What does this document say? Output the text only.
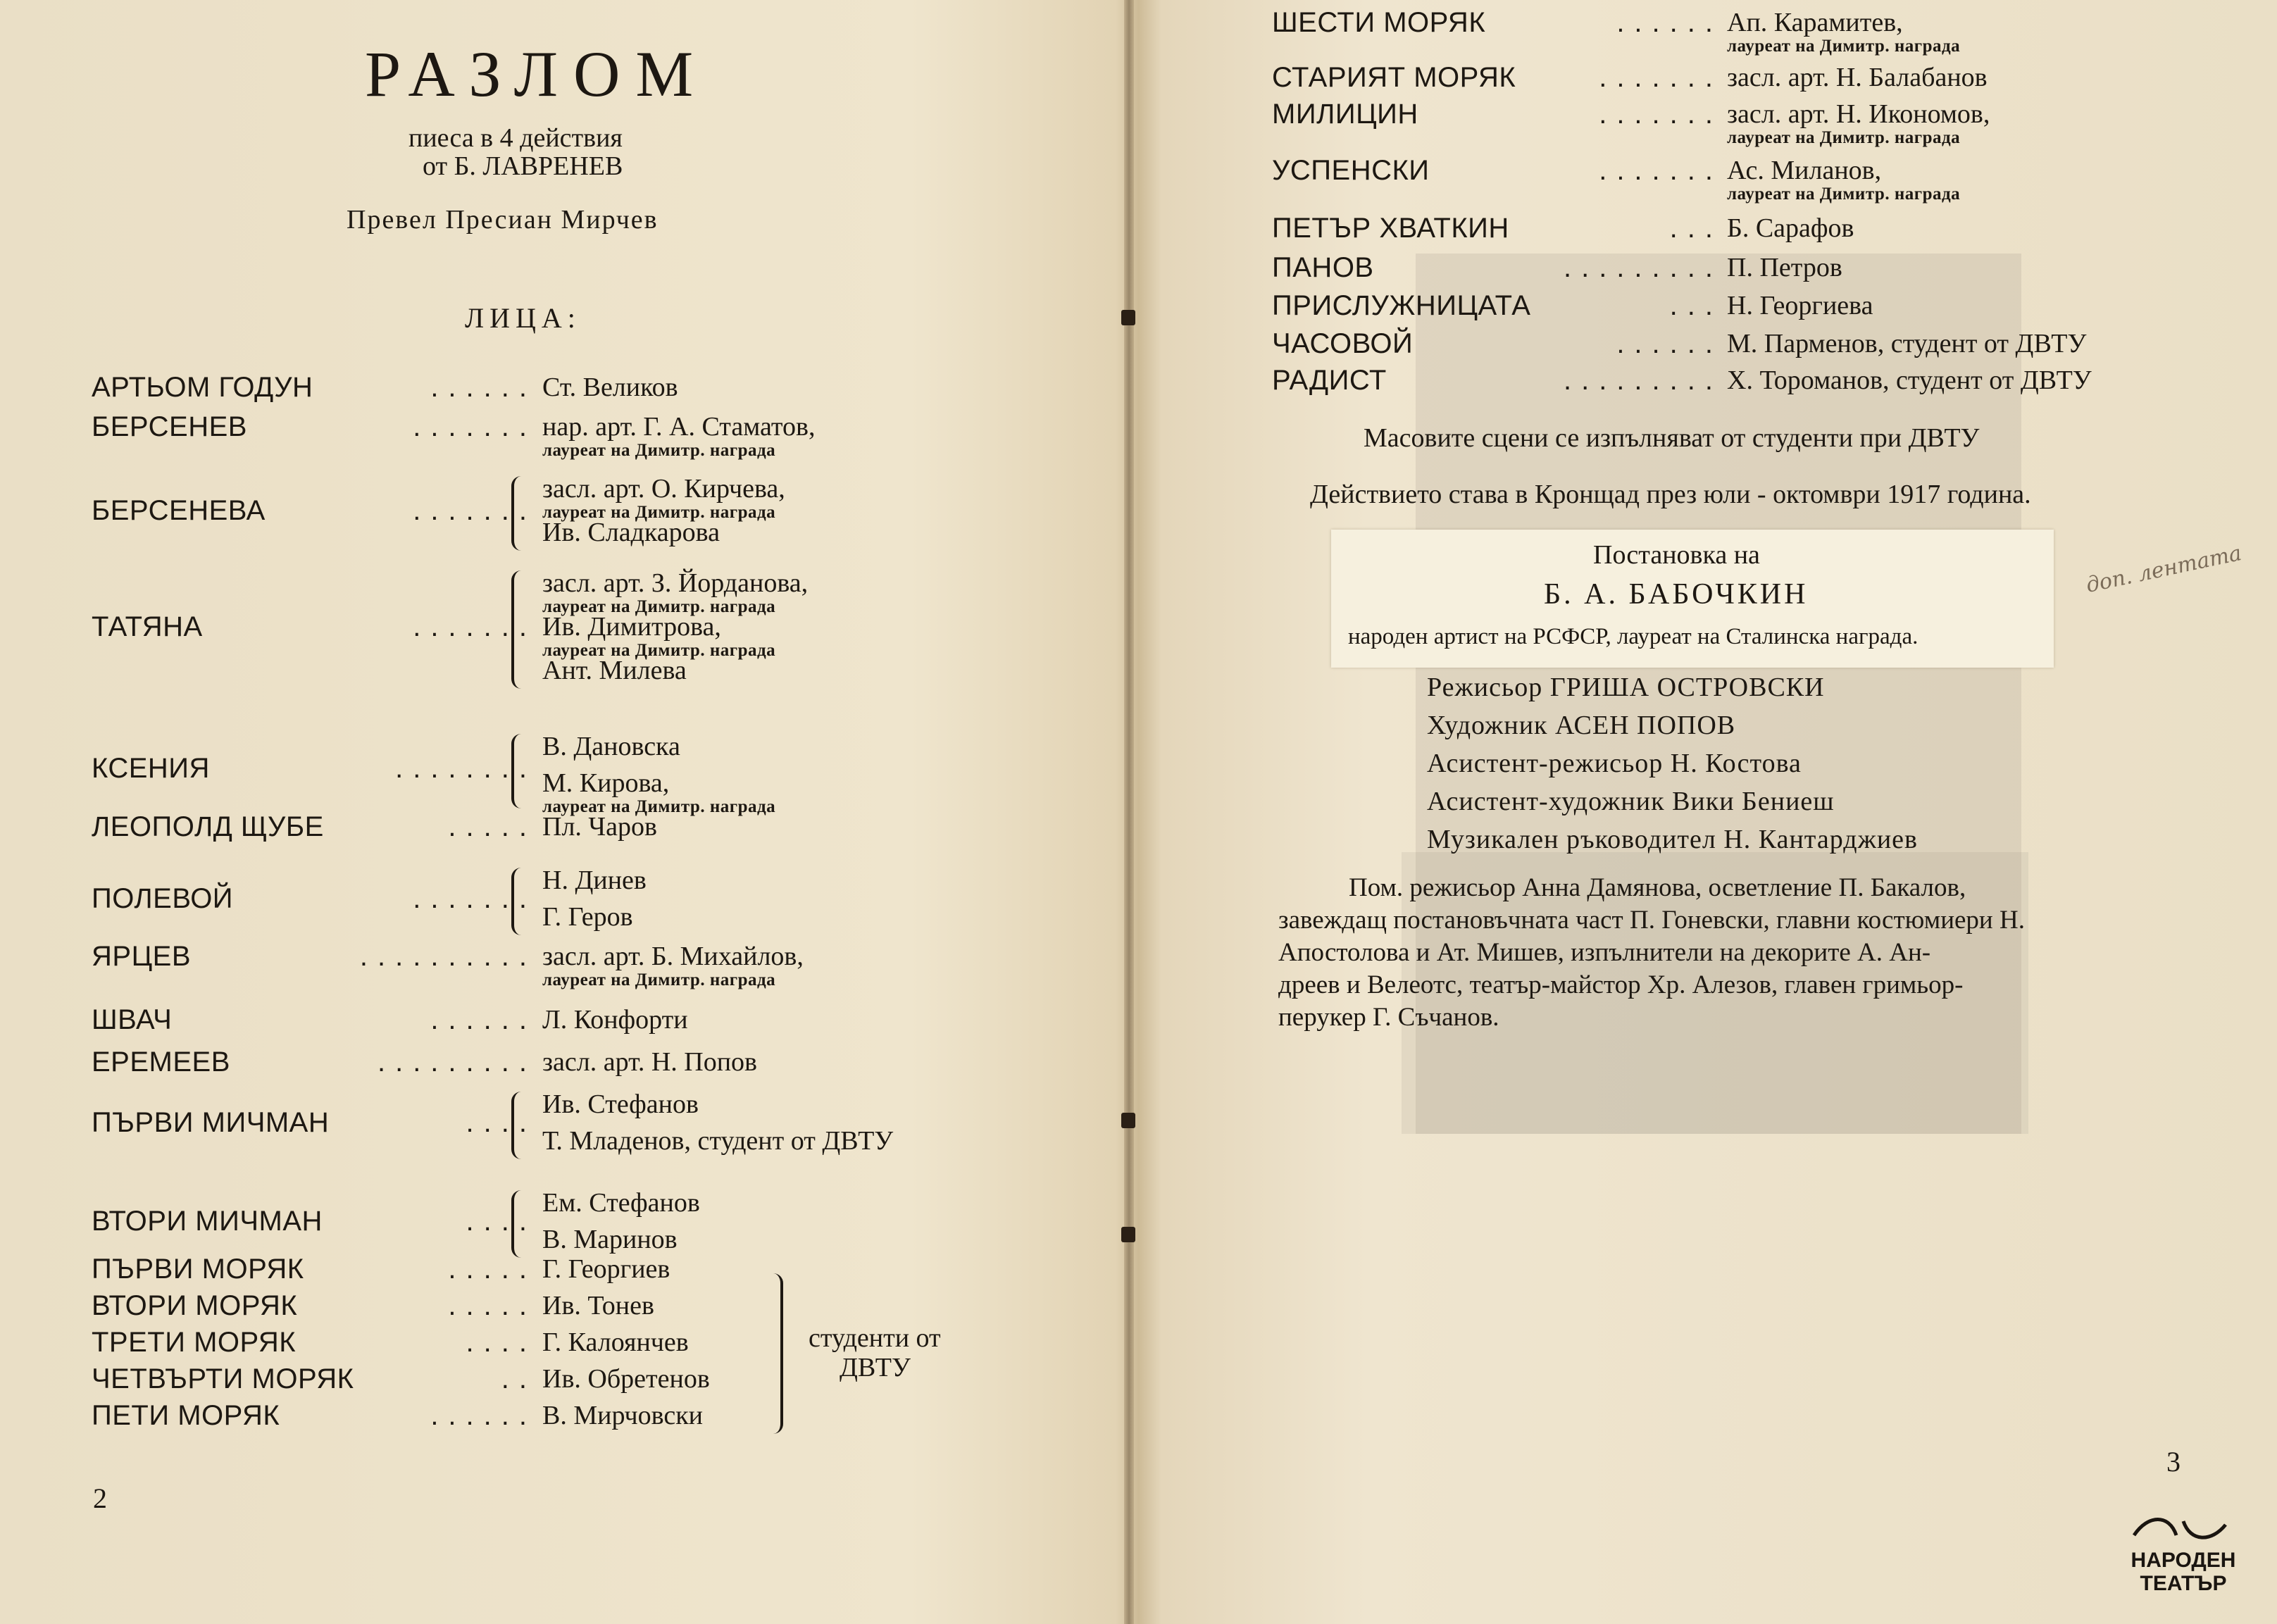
РАЗЛОМ
пиеса в 4 действия
от Б. ЛАВРЕНЕВ
Превел Пресиан Мирчев
ЛИЦА:
АРТЬОМ ГОДУН	...... Ст. Великов
БЕРСЕНЕВ	....... нар. арт. Г. А. Стаматов,
лауреат на Димитр. награда
БЕРСЕНЕВА	.......
засл. арт. О. Кирчева,
лауреат на Димитр. награда
Ив. Сладкарова
ТАТЯНА	.......
засл. арт. З. Йорданова,
лауреат на Димитр. награда
Ив. Димитрова,
лауреат на Димитр. награда
Ант. Милева
КСЕНИЯ	........
В. Дановска
М. Кирова,
лауреат на Димитр. награда
ЛЕОПОЛД ЩУБЕ	..... Пл. Чаров
ПОЛЕВОЙ	.......
Н. Динев
Г. Геров
ЯРЦЕВ	.......... засл. арт. Б. Михайлов,
лауреат на Димитр. награда
ШВАЧ	...... Л. Конфорти
ЕРЕМЕЕВ	......... засл. арт. Н. Попов
ПЪРВИ МИЧМАН	....
Ив. Стефанов
Т. Младенов, студент от ДВТУ
ВТОРИ МИЧМАН	....
Ем. Стефанов
В. Маринов
ПЪРВИ МОРЯК	..... Г. Георгиев
ВТОРИ МОРЯК	..... Ив. Тонев
ТРЕТИ МОРЯК	.... Г. Калоянчев
ЧЕТВЪРТИ МОРЯК	.. Ив. Обретенов
ПЕТИ МОРЯК	...... В. Мирчовски
студенти от
ДВТУ
2
ШЕСТИ МОРЯК	...... Ап. Карамитев,
лауреат на Димитр. награда
СТАРИЯТ МОРЯК	....... засл. арт. Н. Балабанов
МИЛИЦИН	....... засл. арт. Н. Икономов,
лауреат на Димитр. награда
УСПЕНСКИ	....... Ас. Миланов,
лауреат на Димитр. награда
ПЕТЪР ХВАТКИН	... Б. Сарафов
ПАНОВ	......... П. Петров
ПРИСЛУЖНИЦАТА	... Н. Георгиева
ЧАСОВОЙ	...... М. Парменов, студент от ДВТУ
РАДИСТ	......... Х. Тороманов, студент от ДВТУ
Масовите сцени се изпълняват от студенти при ДВТУ
Действието става в Кронщад през юли - октомври 1917 година.
Постановка на
Б. А. БАБОЧКИН
народен артист на РСФСР, лауреат на Сталинска награда.
Режисьор ГРИША ОСТРОВСКИ
Художник АСЕН ПОПОВ
Асистент-режисьор Н. Костова
Асистент-художник Вики Бениеш
Музикален ръководител Н. Кантарджиев
Пом. режисьор Анна Дамянова, осветление П. Бакалов,
завеждащ постановъчната част П. Гоневски, главни костюмиери Н.
Апостолова и Ат. Мишев, изпълнители на декорите А. Ан-
дреев и Велеотс, театър-майстор Хр. Алезов, главен гримьор-
перукер Г. Съчанов.
доп. лентата
3
НАРОДЕН
ТЕАТЪР
